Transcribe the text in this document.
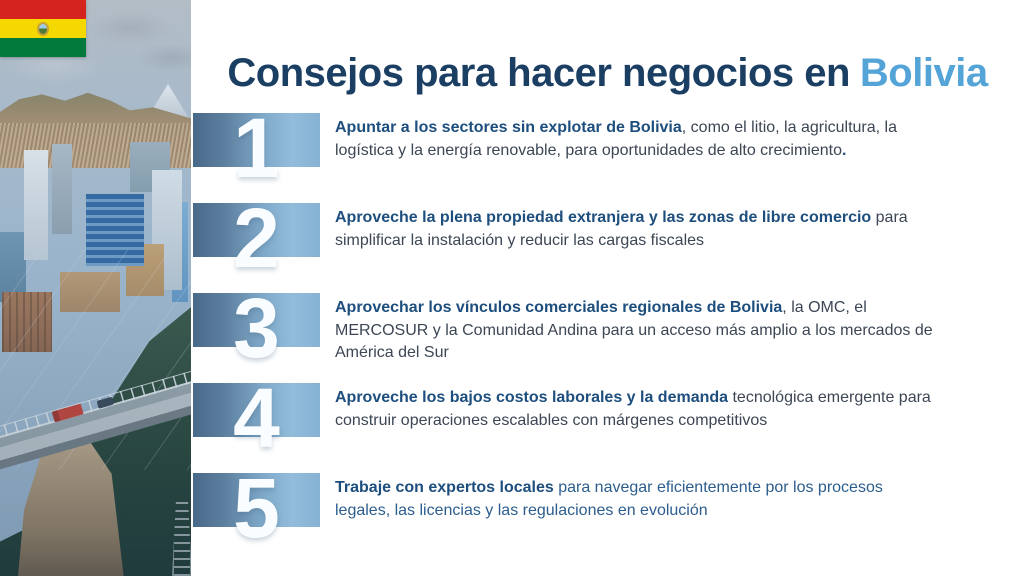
Consejos para hacer negocios en Bolivia
1	Apuntar a los sectores sin explotar de Bolivia, como el litio, la agricultura, la logística y la energía renovable, para oportunidades de alto crecimiento.

2	Aproveche la plena propiedad extranjera y las zonas de libre comercio para simplificar la instalación y reducir las cargas fiscales

3	Aprovechar los vínculos comerciales regionales de Bolivia, la OMC, el MERCOSUR y la Comunidad Andina para un acceso más amplio a los mercados de América del Sur

4	Aproveche los bajos costos laborales y la demanda tecnológica emergente para construir operaciones escalables con márgenes competitivos

5	Trabaje con expertos locales para navegar eficientemente por los procesos legales, las licencias y las regulaciones en evolución
